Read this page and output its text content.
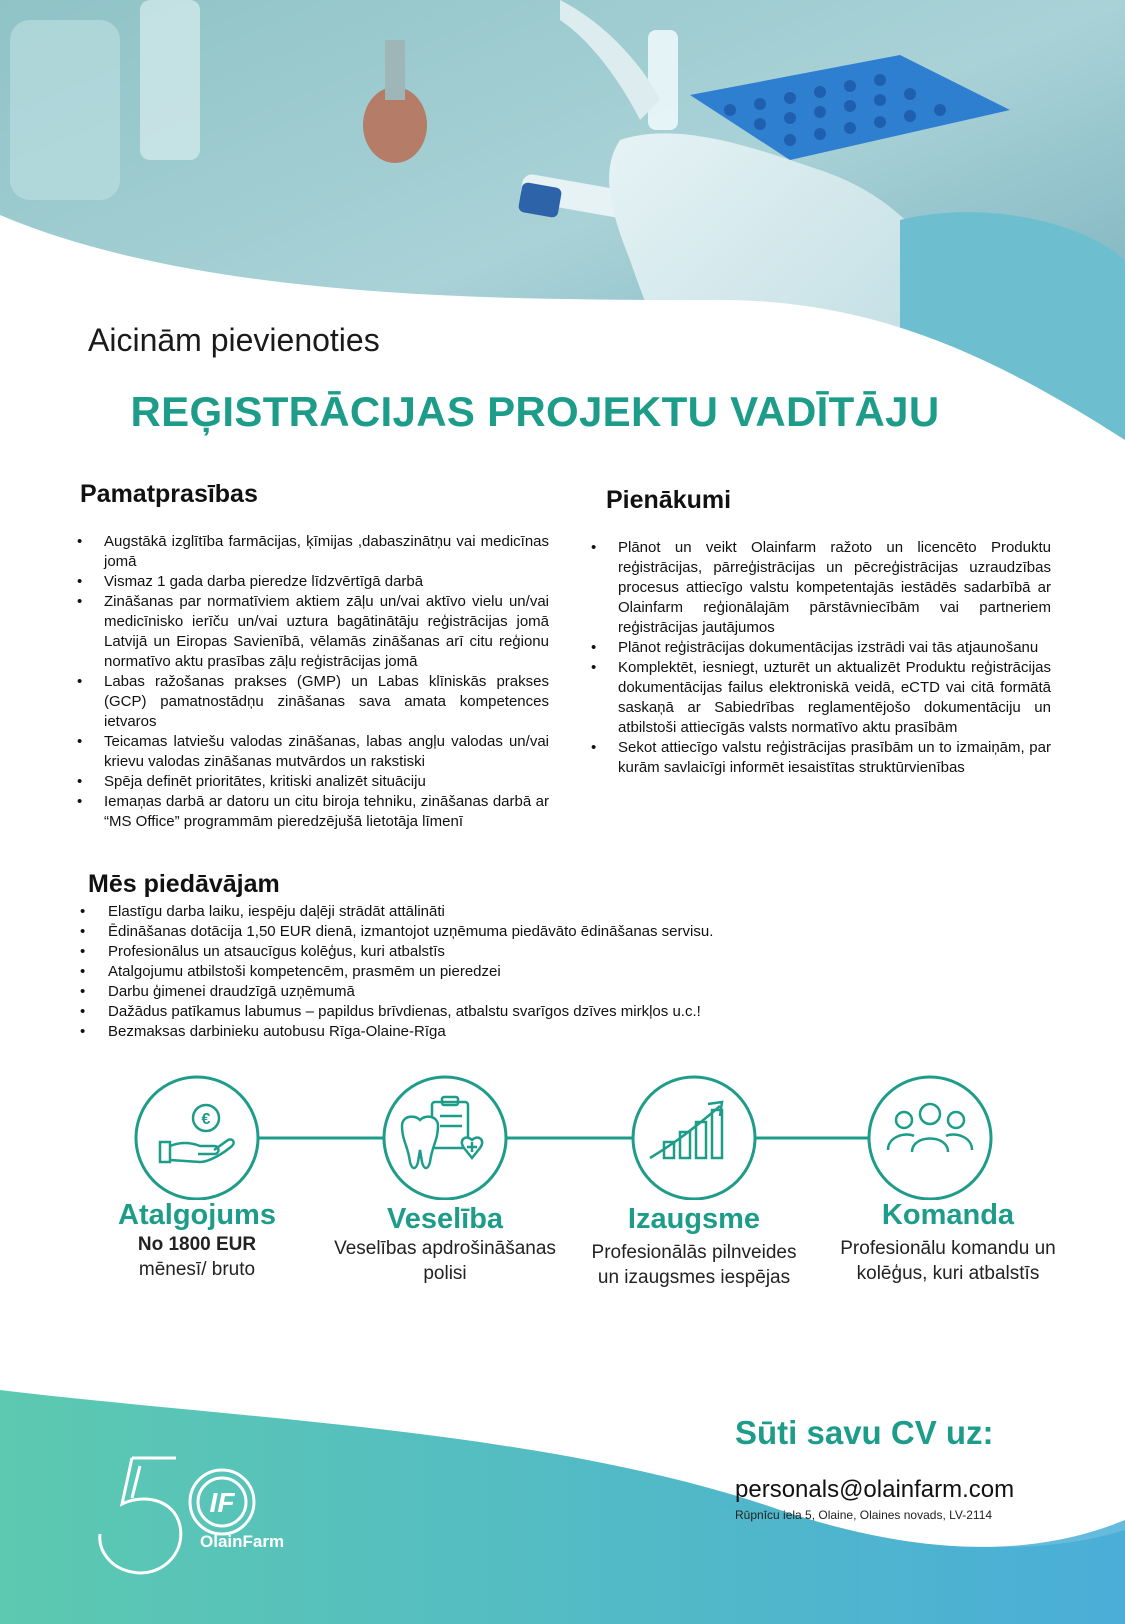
Aicinām pievienoties
REĢISTRĀCIJAS PROJEKTU VADĪTĀJU
Pamatprasības
• Augstākā izglītība farmācijas, ķīmijas ,dabaszinātņu vai medicīnas jomā
• Vismaz 1 gada darba pieredze līdzvērtīgā darbā
• Zināšanas par normatīviem aktiem zāļu un/vai aktīvo vielu un/vai medicīnisko ierīču un/vai uztura bagātinātāju reģistrācijas jomā Latvijā un Eiropas Savienībā, vēlamās zināšanas arī citu reģionu normatīvo aktu prasības zāļu reģistrācijas jomā
• Labas ražošanas prakses (GMP) un Labas klīniskās prakses (GCP) pamatnostādņu zināšanas sava amata kompetences ietvaros
• Teicamas latviešu valodas zināšanas, labas angļu valodas un/vai krievu valodas zināšanas mutvārdos un rakstiski
• Spēja definēt prioritātes, kritiski analizēt situāciju
• Iemaņas darbā ar datoru un citu biroja tehniku, zināšanas darbā ar “MS Office” programmām pieredzējušā lietotāja līmenī
Pienākumi
• Plānot un veikt Olainfarm ražoto un licencēto Produktu reģistrācijas, pārreģistrācijas un pēcreģistrācijas uzraudzības procesus attiecīgo valstu kompetentajās iestādēs sadarbībā ar Olainfarm reģionālajām pārstāvniecībām vai partneriem reģistrācijas jautājumos
• Plānot reģistrācijas dokumentācijas izstrādi vai tās atjaunošanu
• Komplektēt, iesniegt, uzturēt un aktualizēt Produktu reģistrācijas dokumentācijas failus elektroniskā veidā, eCTD vai citā formātā saskaņā ar Sabiedrības reglamentējošo dokumentāciju un atbilstoši attiecīgās valsts normatīvo aktu prasībām
• Sekot attiecīgo valstu reģistrācijas prasībām un to izmaiņām, par kurām savlaicīgi informēt iesaistītas struktūrvienības
Mēs piedāvājam
• Elastīgu darba laiku, iespēju daļēji strādāt attālināti
• Ēdināšanas dotācija 1,50 EUR dienā, izmantojot uzņēmuma piedāvāto ēdināšanas servisu.
• Profesionālus un atsaucīgus kolēģus, kuri atbalstīs
• Atalgojumu atbilstoši kompetencēm, prasmēm un pieredzei
• Darbu ģimenei draudzīgā uzņēmumā
• Dažādus patīkamus labumus – papildus brīvdienas, atbalstu svarīgos dzīves mirkļos u.c.!
• Bezmaksas darbinieku autobusu Rīga-Olaine-Rīga
€
Atalgojums
No 1800 EUR
mēnesī/ bruto
Veselība
Veselības apdrošināšanas
polisi
Izaugsme
Profesionālās pilnveides
un izaugsmes iespējas
Komanda
Profesionālu komandu un
kolēģus, kuri atbalstīs
IF
OlainFarm
Sūti savu CV uz:
personals@olainfarm.com
Rūpnīcu iela 5, Olaine, Olaines novads, LV-2114
